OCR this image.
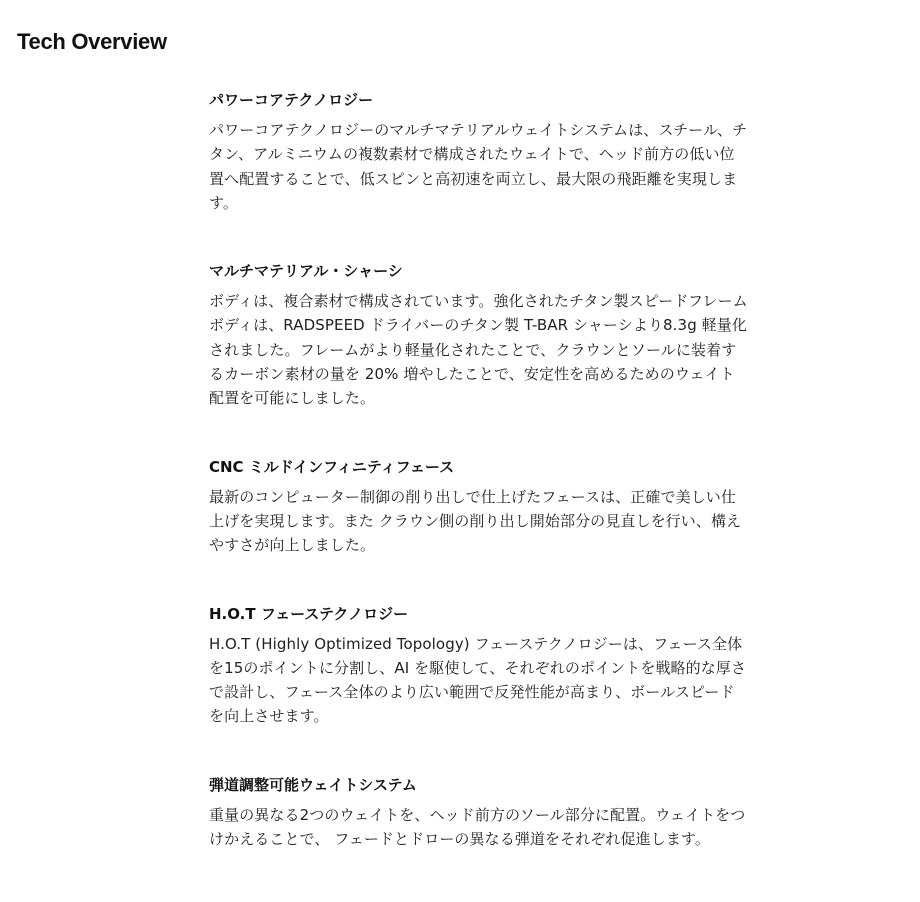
Tech Overview
パワーコアテクノロジー

パワーコアテクノロジーのマルチマテリアルウェイトシステムは、スチール、チタン、アルミニウムの複数素材で構成されたウェイトで、ヘッド前方の低い位置へ配置することで、低スピンと高初速を両立し、最大限の飛距離を実現します。

マルチマテリアル・シャーシ

ボディは、複合素材で構成されています。強化されたチタン製スピードフレームボディは、RADSPEED ドライバーのチタン製 T-BAR シャーシより8.3g 軽量化されました。フレームがより軽量化されたことで、クラウンとソールに装着するカーボン素材の量を 20% 増やしたことで、安定性を高めるためのウェイト配置を可能にしました。

CNC ミルドインフィニティフェース

最新のコンピューター制御の削り出しで仕上げたフェースは、正確で美しい仕上げを実現します。また クラウン側の削り出し開始部分の見直しを行い、構えやすさが向上しました。

H.O.T フェーステクノロジー

H.O.T (Highly Optimized Topology) フェーステクノロジーは、フェース全体を15のポイントに分割し、AI を駆使して、それぞれのポイントを戦略的な厚さで設計し、フェース全体のより広い範囲で反発性能が高まり、ボールスピードを向上させます。

弾道調整可能ウェイトシステム

重量の異なる2つのウェイトを、ヘッド前方のソール部分に配置。ウェイトをつけかえることで、 フェードとドローの異なる弾道をそれぞれ促進します。
